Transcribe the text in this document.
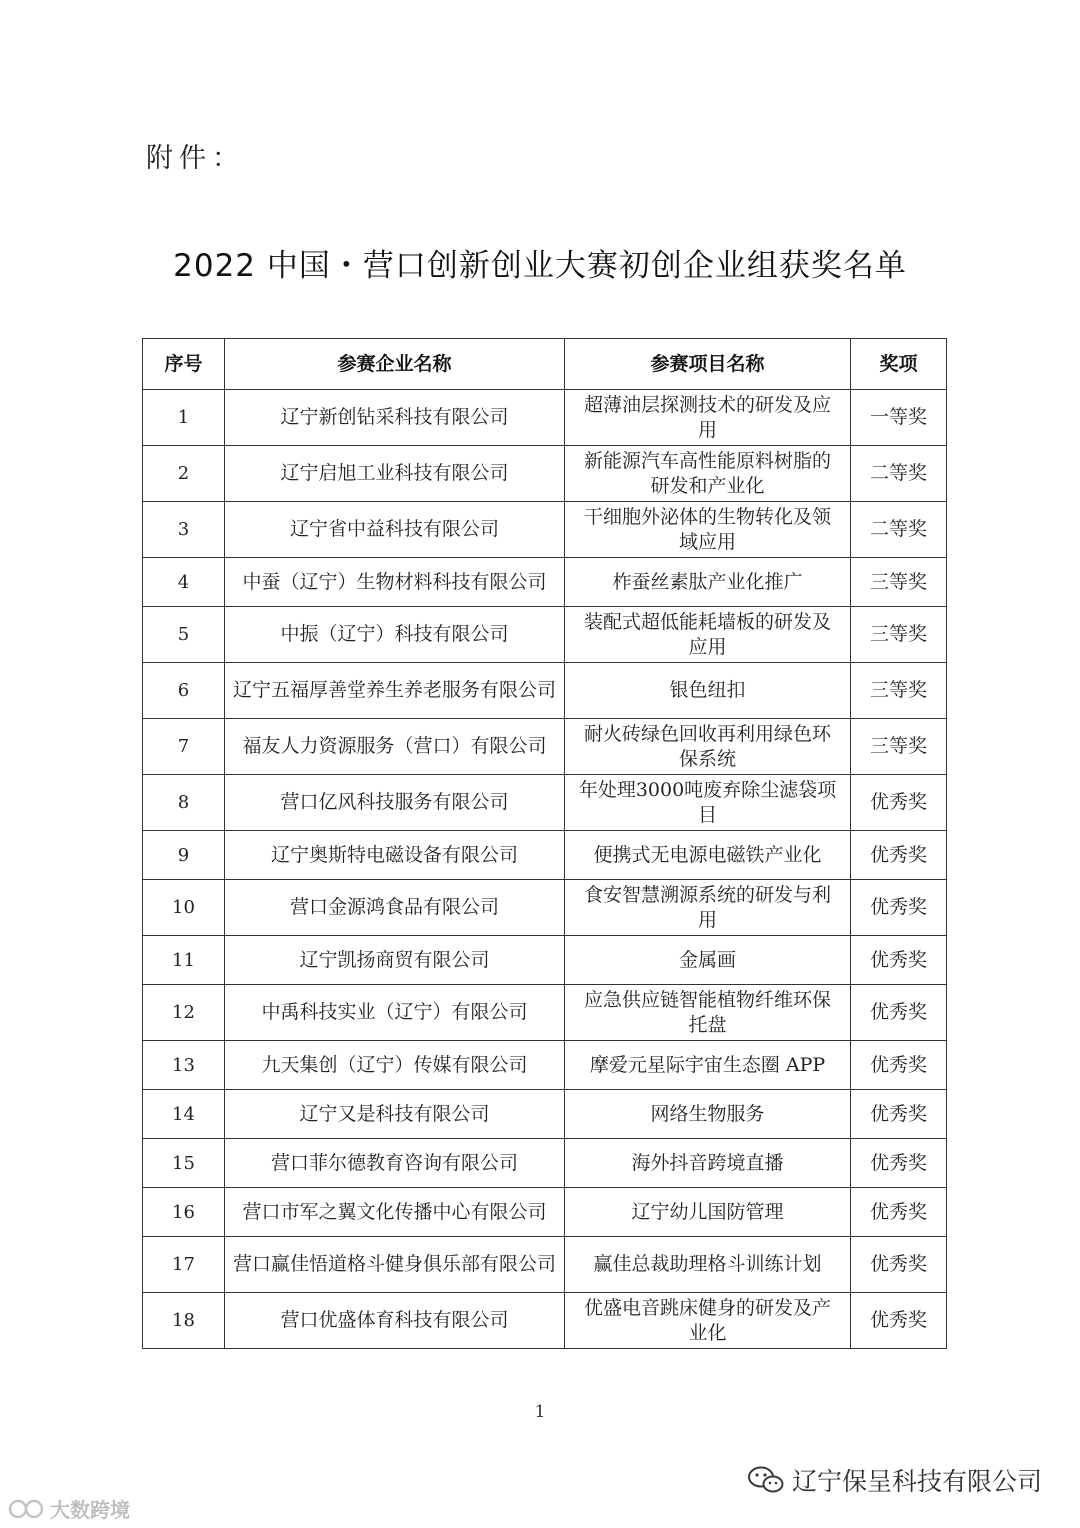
附件：
2022 中国・营口创新创业大赛初创企业组获奖名单
序号	参赛企业名称	参赛项目名称	奖项
1	辽宁新创钻采科技有限公司	超薄油层探测技术的研发及应用	一等奖
2	辽宁启旭工业科技有限公司	新能源汽车高性能原料树脂的研发和产业化	二等奖
3	辽宁省中益科技有限公司	干细胞外泌体的生物转化及领域应用	二等奖
4	中蚕（辽宁）生物材料科技有限公司	柞蚕丝素肽产业化推广	三等奖
5	中振（辽宁）科技有限公司	装配式超低能耗墙板的研发及应用	三等奖
6	辽宁五福厚善堂养生养老服务有限公司	银色纽扣	三等奖
7	福友人力资源服务（营口）有限公司	耐火砖绿色回收再利用绿色环保系统	三等奖
8	营口亿风科技服务有限公司	年处理3000吨废弃除尘滤袋项目	优秀奖
9	辽宁奥斯特电磁设备有限公司	便携式无电源电磁铁产业化	优秀奖
10	营口金源鸿食品有限公司	食安智慧溯源系统的研发与利用	优秀奖
11	辽宁凯扬商贸有限公司	金属画	优秀奖
12	中禹科技实业（辽宁）有限公司	应急供应链智能植物纤维环保托盘	优秀奖
13	九天集创（辽宁）传媒有限公司	摩爱元星际宇宙生态圈 APP	优秀奖
14	辽宁又是科技有限公司	网络生物服务	优秀奖
15	营口菲尔德教育咨询有限公司	海外抖音跨境直播	优秀奖
16	营口市军之翼文化传播中心有限公司	辽宁幼儿国防管理	优秀奖
17	营口赢佳悟道格斗健身俱乐部有限公司	赢佳总裁助理格斗训练计划	优秀奖
18	营口优盛体育科技有限公司	优盛电音跳床健身的研发及产业化	优秀奖
1
辽宁保呈科技有限公司
大数跨境
